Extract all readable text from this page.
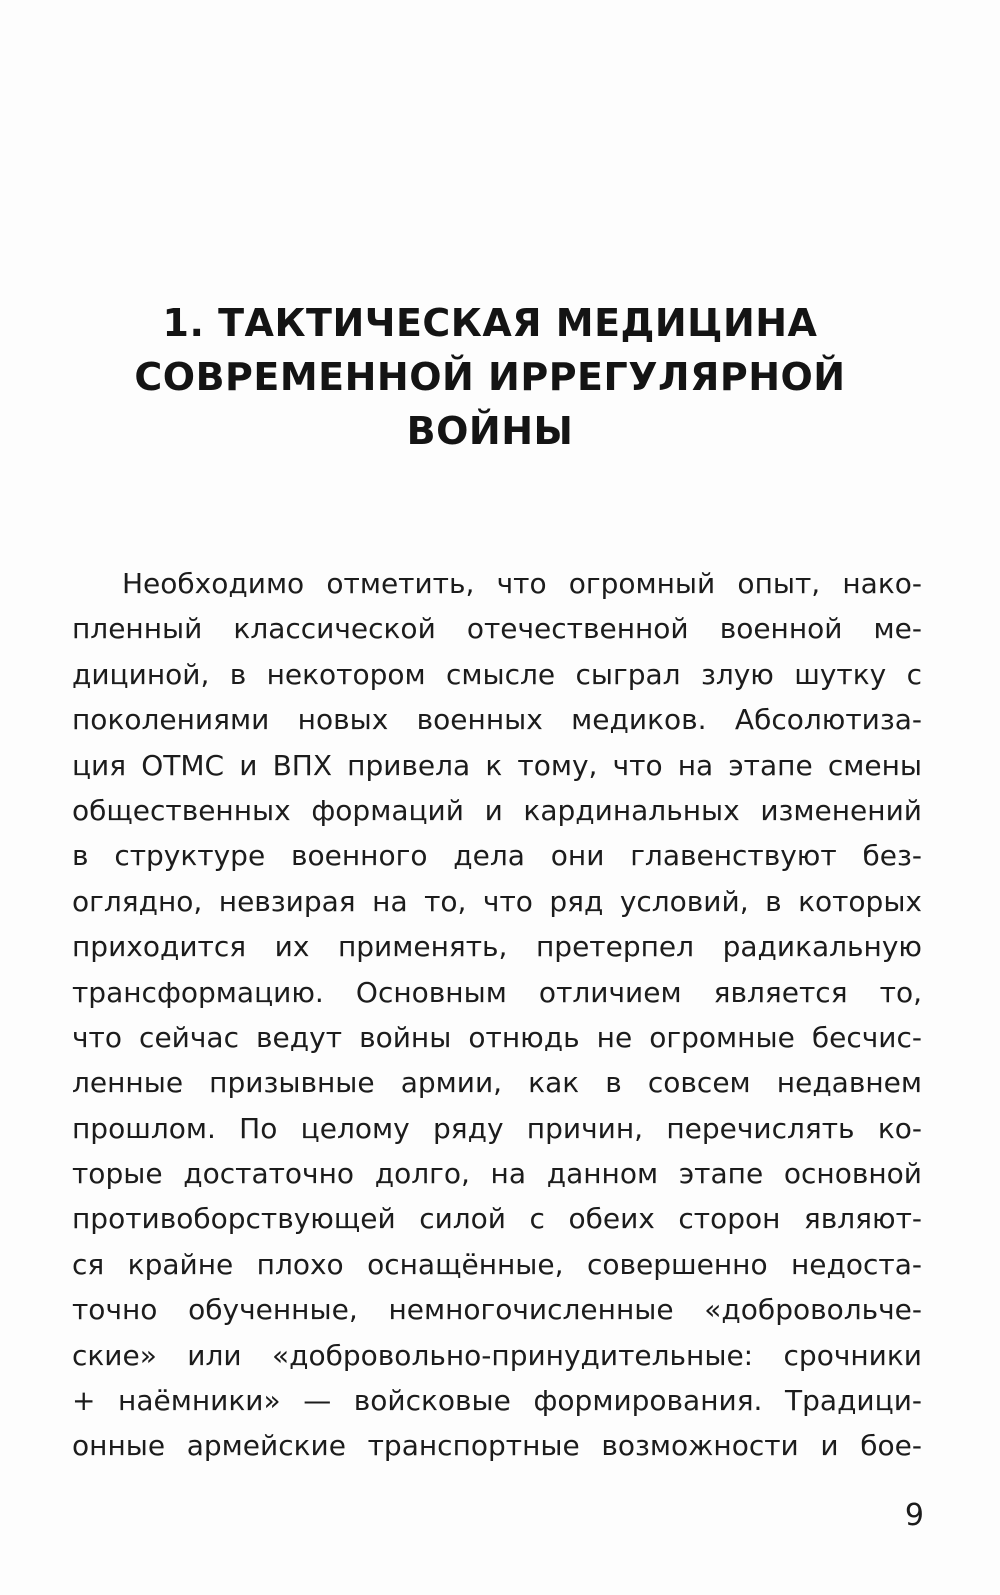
1. ТАКТИЧЕСКАЯ МЕДИЦИНА
СОВРЕМЕННОЙ ИРРЕГУЛЯРНОЙ
ВОЙНЫ
Необходимо отметить, что огромный опыт, нако-
пленный классической отечественной военной ме-
дициной, в некотором смысле сыграл злую шутку с
поколениями новых военных медиков. Абсолютиза-
ция ОТМС и ВПХ привела к тому, что на этапе смены
общественных формаций и кардинальных изменений
в структуре военного дела они главенствуют без-
оглядно, невзирая на то, что ряд условий, в которых
приходится их применять, претерпел радикальную
трансформацию. Основным отличием является то,
что сейчас ведут войны отнюдь не огромные бесчис-
ленные призывные армии, как в совсем недавнем
прошлом. По целому ряду причин, перечислять ко-
торые достаточно долго, на данном этапе основной
противоборствующей силой с обеих сторон являют-
ся крайне плохо оснащённые, совершенно недоста-
точно обученные, немногочисленные «добровольче-
ские» или «добровольно-принудительные: срочники
+ наёмники» — войсковые формирования. Традици-
онные армейские транспортные возможности и бое-
9
